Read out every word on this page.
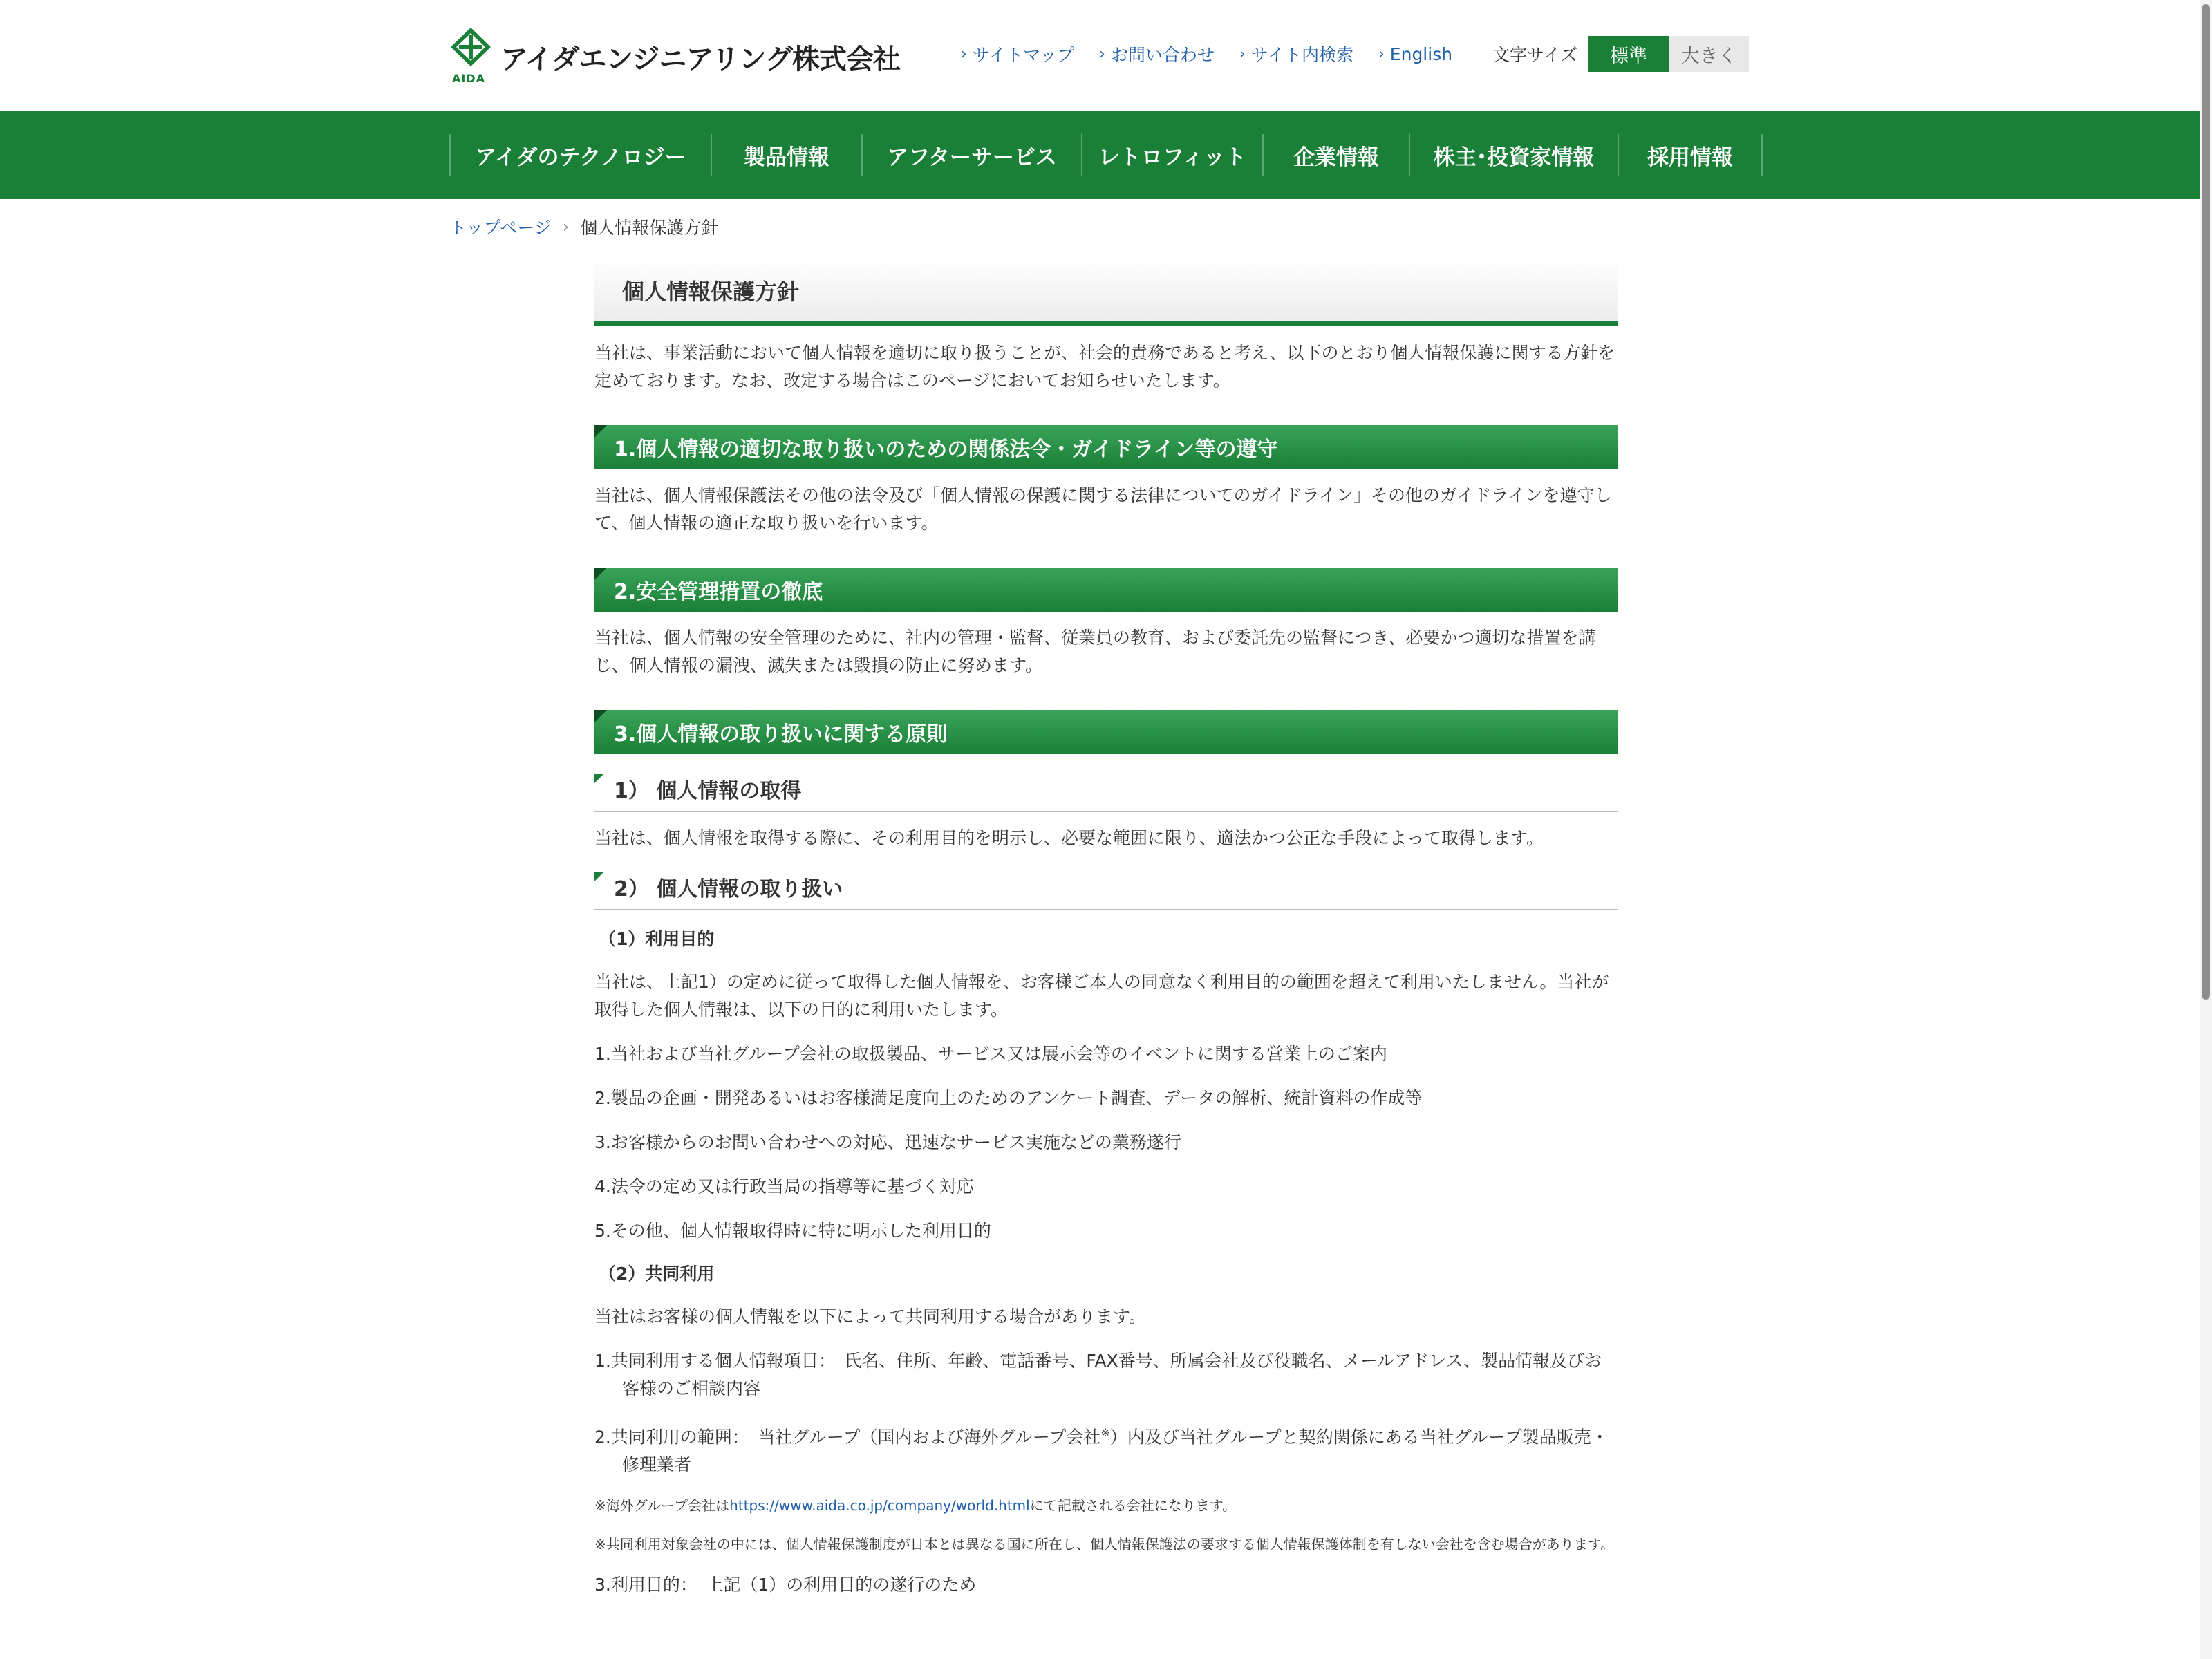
AIDA
アイダエンジニアリング株式会社	› サイトマップ › お問い合わせ › サイト内検索 › English 文字サイズ	標準	大きく
アイダのテクノロジー	製品情報	アフターサービス	レトロフィット	企業情報	株主･投資家情報	採用情報
トップページ › 個人情報保護方針
個人情報保護方針

当社は、事業活動において個人情報を適切に取り扱うことが、社会的責務であると考え、以下のとおり個人情報保護に関する方針を定めております。なお、改定する場合はこのページにおいてお知らせいたします。

1.個人情報の適切な取り扱いのための関係法令・ガイドライン等の遵守

当社は、個人情報保護法その他の法令及び「個人情報の保護に関する法律についてのガイドライン」その他のガイドラインを遵守して、個人情報の適正な取り扱いを行います。

2.安全管理措置の徹底

当社は、個人情報の安全管理のために、社内の管理・監督、従業員の教育、および委託先の監督につき、必要かつ適切な措置を講じ、個人情報の漏洩、滅失または毀損の防止に努めます。

3.個人情報の取り扱いに関する原則
1） 個人情報の取得

当社は、個人情報を取得する際に、その利用目的を明示し、必要な範囲に限り、適法かつ公正な手段によって取得します。

2） 個人情報の取り扱い
（1）利用目的

当社は、上記1）の定めに従って取得した個人情報を、お客様ご本人の同意なく利用目的の範囲を超えて利用いたしません。当社が取得した個人情報は、以下の目的に利用いたします。

1.当社および当社グループ会社の取扱製品、サービス又は展示会等のイベントに関する営業上のご案内
2.製品の企画・開発あるいはお客様満足度向上のためのアンケート調査、データの解析、統計資料の作成等
3.お客様からのお問い合わせへの対応、迅速なサービス実施などの業務遂行
4.法令の定め又は行政当局の指導等に基づく対応
5.その他、個人情報取得時に特に明示した利用目的
（2）共同利用

当社はお客様の個人情報を以下によって共同利用する場合があります。

1.共同利用する個人情報項目：　氏名、住所、年齢、電話番号、FAX番号、所属会社及び役職名、メールアドレス、製品情報及びお客様のご相談内容
2.共同利用の範囲：　当社グループ（国内および海外グループ会社※）内及び当社グループと契約関係にある当社グループ製品販売・修理業者
※海外グループ会社はhttps://www.aida.co.jp/company/world.htmlにて記載される会社になります。
※共同利用対象会社の中には、個人情報保護制度が日本とは異なる国に所在し、個人情報保護法の要求する個人情報保護体制を有しない会社を含む場合があります。
3.利用目的：　上記（1）の利用目的の遂行のため
